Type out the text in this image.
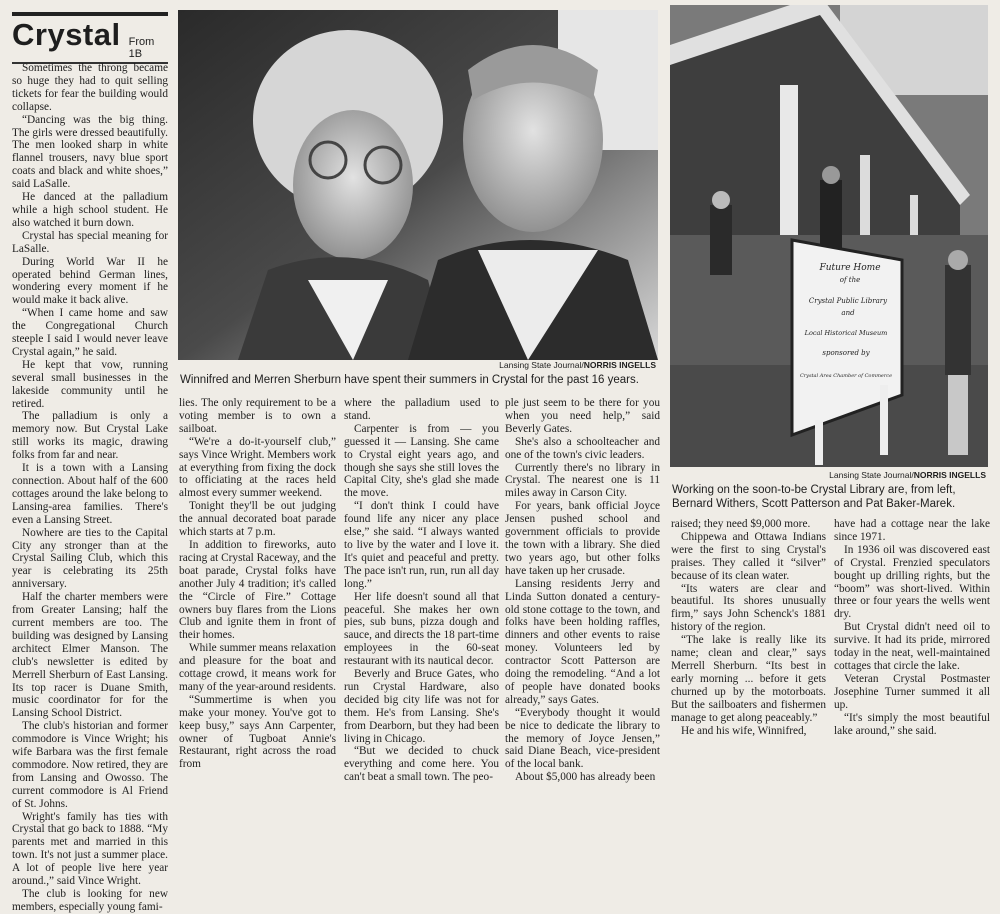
Crystal From 1B
Lansing State Journal/NORRIS INGELLS
Winnifred and Merren Sherburn have spent their summers in Crystal for the past 16 years.
Future Home
of the
Crystal Public Library
and
Local Historical Museum
sponsored by
Crystal Area Chamber of Commerce
Lansing State Journal/NORRIS INGELLS
Working on the soon-to-be Crystal Library are, from left, Bernard Withers, Scott Patterson and Pat Baker-Marek.

Sometimes the throng became so huge they had to quit selling tickets for fear the building would collapse.

“Dancing was the big thing. The girls were dressed beautifully. The men looked sharp in white flannel trousers, navy blue sport coats and black and white shoes,” said LaSalle.

He danced at the palladium while a high school student. He also watched it burn down.

Crystal has special meaning for LaSalle.

During World War II he operated behind German lines, wondering every moment if he would make it back alive.

“When I came home and saw the Congregational Church steeple I said I would never leave Crystal again,” he said.

He kept that vow, running several small businesses in the lakeside community until he retired.

The palladium is only a memory now. But Crystal Lake still works its magic, drawing folks from far and near.

It is a town with a Lansing connection. About half of the 600 cottages around the lake belong to Lansing-area families. There's even a Lansing Street.

Nowhere are ties to the Capital City any stronger than at the Crystal Sailing Club, which this year is celebrating its 25th anniversary.

Half the charter members were from Greater Lansing; half the current members are too. The building was designed by Lansing architect Elmer Manson. The club's newsletter is edited by Merrell Sherburn of East Lansing. Its top racer is Duane Smith, music coordinator for for the Lansing School District.

The club's historian and former commodore is Vince Wright; his wife Barbara was the first female commodore. Now retired, they are from Lansing and Owosso. The current commodore is Al Friend of St. Johns.

Wright's family has ties with Crystal that go back to 1888. “My parents met and married in this town. It's not just a summer place. A lot of people live here year around.,” said Vince Wright.

The club is looking for new members, especially young fami-

lies. The only requirement to be a voting member is to own a sailboat.

“We're a do-it-yourself club,” says Vince Wright. Members work at everything from fixing the dock to officiating at the races held almost every summer weekend.

Tonight they'll be out judging the annual decorated boat parade which starts at 7 p.m.

In addition to fireworks, auto racing at Crystal Raceway, and the boat parade, Crystal folks have another July 4 tradition; it's called the “Circle of Fire.” Cottage owners buy flares from the Lions Club and ignite them in front of their homes.

While summer means relaxation and pleasure for the boat and cottage crowd, it means work for many of the year-around residents.

“Summertime is when you make your money. You've got to keep busy,” says Ann Carpenter, owner of Tugboat Annie's Restaurant, right across the road from

where the palladium used to stand.

Carpenter is from — you guessed it — Lansing. She came to Crystal eight years ago, and though she says she still loves the Capital City, she's glad she made the move.

“I don't think I could have found life any nicer any place else,” she said. “I always wanted to live by the water and I love it. It's quiet and peaceful and pretty. The pace isn't run, run, run all day long.”

Her life doesn't sound all that peaceful. She makes her own pies, sub buns, pizza dough and sauce, and directs the 18 part-time employees in the 60-seat restaurant with its nautical decor.

Beverly and Bruce Gates, who run Crystal Hardware, also decided big city life was not for them. He's from Lansing. She's from Dearborn, but they had been living in Chicago.

“But we decided to chuck everything and come here. You can't beat a small town. The peo-

ple just seem to be there for you when you need help,” said Beverly Gates.

She's also a schoolteacher and one of the town's civic leaders.

Currently there's no library in Crystal. The nearest one is 11 miles away in Carson City.

For years, bank official Joyce Jensen pushed school and government officials to provide the town with a library. She died two years ago, but other folks have taken up her crusade.

Lansing residents Jerry and Linda Sutton donated a century-old stone cottage to the town, and folks have been holding raffles, dinners and other events to raise money. Volunteers led by contractor Scott Patterson are doing the remodeling. “And a lot of people have donated books already,” says Gates.

“Everybody thought it would be nice to dedicate the library to the memory of Joyce Jensen,” said Diane Beach, vice-president of the local bank.

About $5,000 has already been

raised; they need $9,000 more.

Chippewa and Ottawa Indians were the first to sing Crystal's praises. They called it “silver” because of its clean water.

“Its waters are clear and beautiful. Its shores unusually firm,” says John Schenck's 1881 history of the region.

“The lake is really like its name; clean and clear,” says Merrell Sherburn. “Its best in early morning ... before it gets churned up by the motorboats. But the sailboaters and fishermen manage to get along peaceably.”

He and his wife, Winnifred,

have had a cottage near the lake since 1971.

In 1936 oil was discovered east of Crystal. Frenzied speculators bought up drilling rights, but the “boom” was short-lived. Within three or four years the wells went dry.

But Crystal didn't need oil to survive. It had its pride, mirrored today in the neat, well-maintained cottages that circle the lake.

Veteran Crystal Postmaster Josephine Turner summed it all up.

“It's simply the most beautiful lake around,” she said.
